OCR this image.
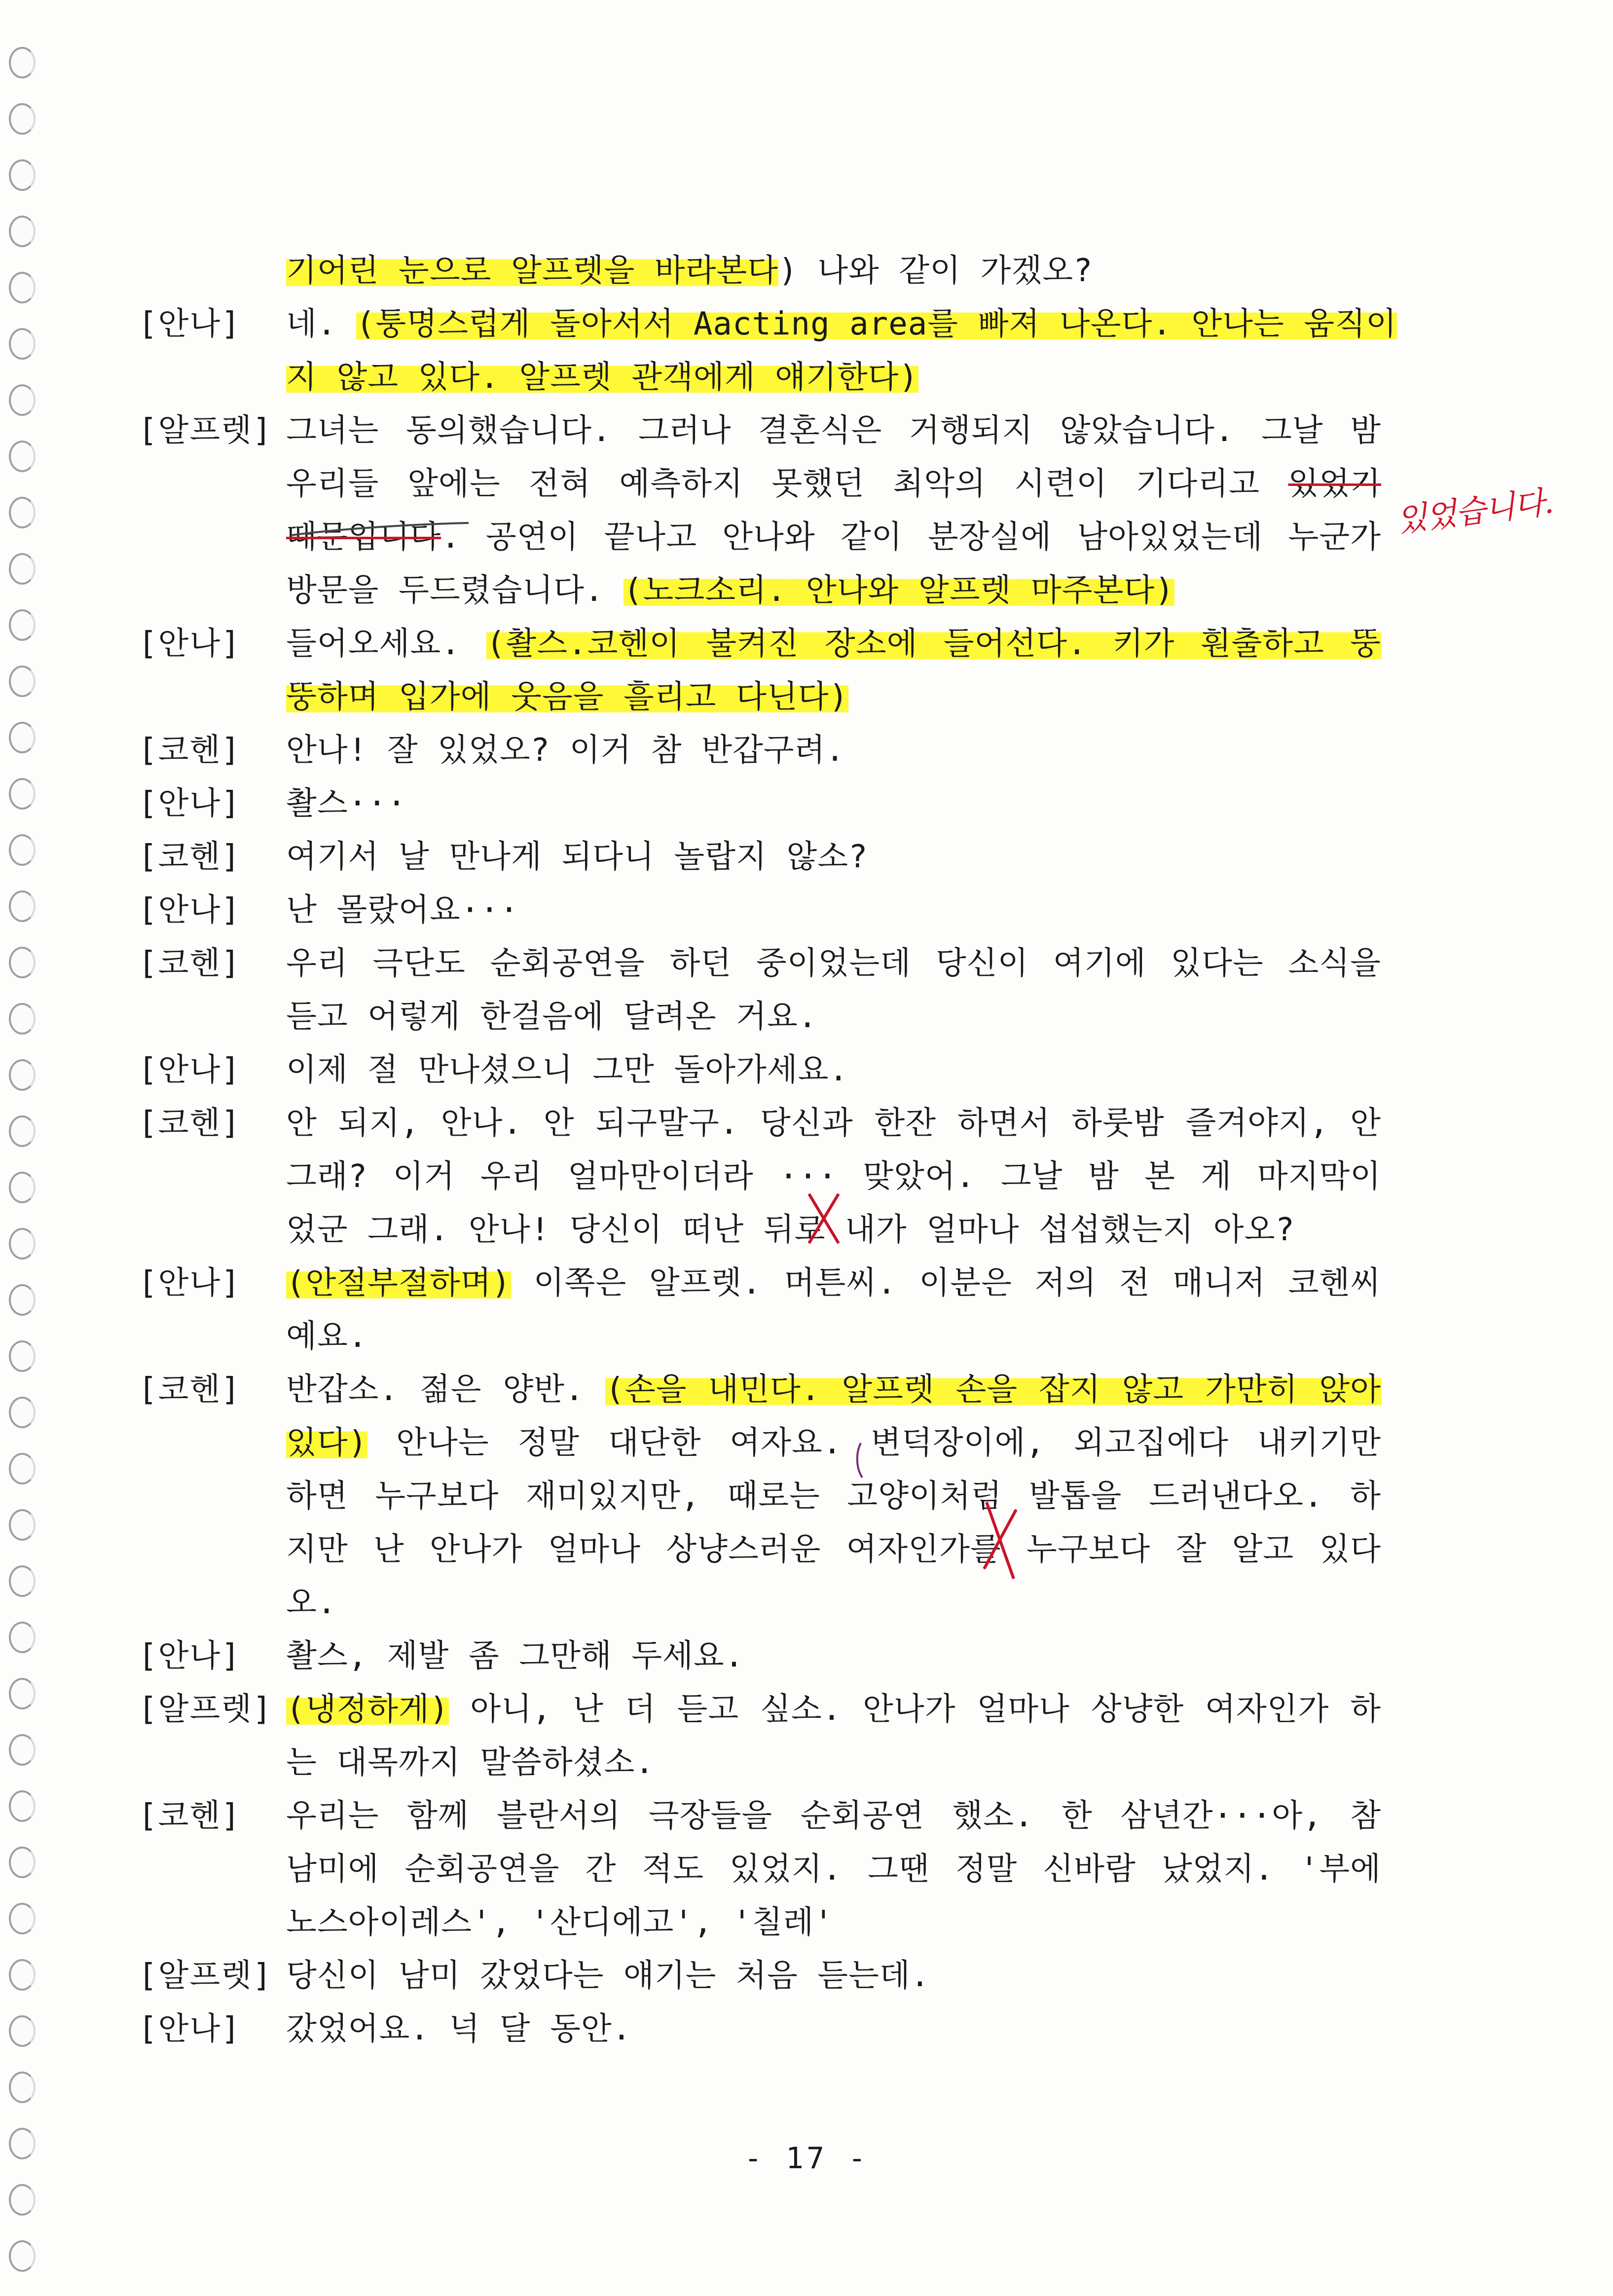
기어린 눈으로 알프렛을 바라본다) 나와 같이 가겠오?
[안나]	네. (퉁명스럽게 돌아서서 Aacting area를 빠져 나온다. 안나는 움직이
지 않고 있다. 알프렛 관객에게 얘기한다)
[알프렛] 그녀는 동의했습니다. 그러나 결혼식은 거행되지 않았습니다. 그날 밤
우리들 앞에는 전혀 예측하지 못했던 최악의 시련이 기다리고 있었기
때문입니다. 공연이 끝나고 안나와 같이 분장실에 남아있었는데 누군가
방문을 두드렸습니다. (노크소리. 안나와 알프렛 마주본다)
[안나]	들어오세요. (촬스.코헨이 불켜진 장소에 들어선다. 키가 훤출하고 뚱
뚱하며 입가에 웃음을 흘리고 다닌다)
[코헨]	안나! 잘 있었오? 이거 참 반갑구려.
[안나]	촬스···
[코헨]	여기서 날 만나게 되다니 놀랍지 않소?
[안나]	난 몰랐어요···
[코헨]	우리 극단도 순회공연을 하던 중이었는데 당신이 여기에 있다는 소식을
듣고 어렇게 한걸음에 달려온 거요.
[안나]	이제 절 만나셨으니 그만 돌아가세요.
[코헨]	안 되지, 안나. 안 되구말구. 당신과 한잔 하면서 하룻밤 즐겨야지, 안
그래? 이거 우리 얼마만이더라 ··· 맞았어. 그날 밤 본 게 마지막이
었군 그래. 안나! 당신이 떠난 뒤로 내가 얼마나 섭섭했는지 아오?
[안나]	(안절부절하며) 이쪽은 알프렛. 머튼씨. 이분은 저의 전 매니저 코헨씨
예요.
[코헨]	반갑소. 젊은 양반. (손을 내민다. 알프렛 손을 잡지 않고 가만히 앉아
있다) 안나는 정말 대단한 여자요. 변덕장이에, 외고집에다 내키기만
하면 누구보다 재미있지만, 때로는 고양이처럼 발톱을 드러낸다오. 하
지만 난 안나가 얼마나 상냥스러운 여자인가를 누구보다 잘 알고 있다
오.
[안나]	촬스, 제발 좀 그만해 두세요.
[알프렛] (냉정하게) 아니, 난 더 듣고 싶소. 안나가 얼마나 상냥한 여자인가 하
는 대목까지 말씀하셨소.
[코헨]	우리는 함께 블란서의 극장들을 순회공연 했소. 한 삼년간···아, 참
남미에 순회공연을 간 적도 있었지. 그땐 정말 신바람 났었지. '부에
노스아이레스', '산디에고', '칠레'
[알프렛] 당신이 남미 갔었다는 얘기는 처음 듣는데.
[안나]	갔었어요. 넉 달 동안.
있었습니다.
- 17 -
